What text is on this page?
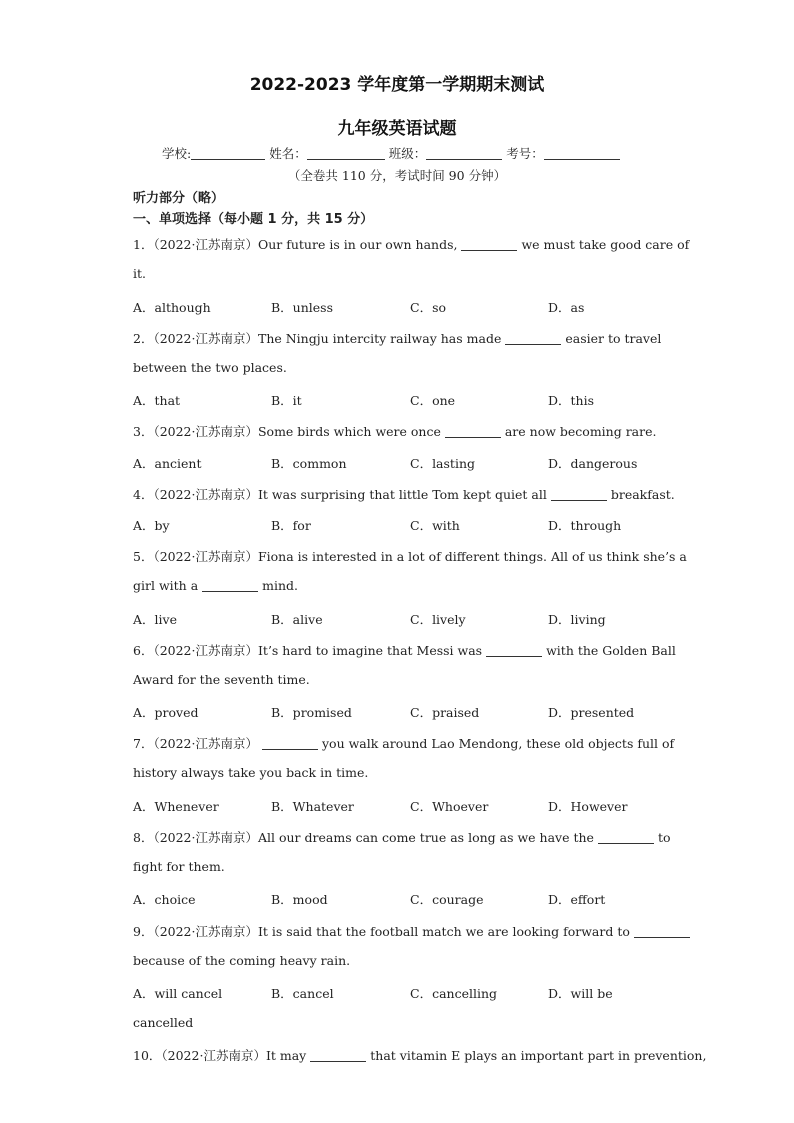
2022-2023 学年度第一学期期末测试
九年级英语试题
学校:	姓名：	班级：	考号：
（全卷共 110 分，考试时间 90 分钟）
听力部分（略）
一、单项选择（每小题 1 分，共 15 分）
1．（2022·江苏南京）Our future is in our own hands,	we must take good care of
it.
A．although	B．unless	C．so	D．as
2．（2022·江苏南京）The Ningju intercity railway has made	easier to travel
between the two places.
A．that	B．it	C．one	D．this
3．（2022·江苏南京）Some birds which were once	are now becoming rare.
A．ancient	B．common	C．lasting	D．dangerous
4．（2022·江苏南京）It was surprising that little Tom kept quiet all	breakfast.
A．by	B．for	C．with	D．through
5．（2022·江苏南京）Fiona is interested in a lot of different things. All of us think she’s a
girl with a	mind.
A．live	B．alive	C．lively	D．living
6．（2022·江苏南京）It’s hard to imagine that Messi was	with the Golden Ball
Award for the seventh time.
A．proved	B．promised	C．praised	D．presented
7．（2022·江苏南京）	you walk around Lao Mendong, these old objects full of
history always take you back in time.
A．Whenever	B．Whatever	C．Whoever	D．However
8．（2022·江苏南京）All our dreams can come true as long as we have the	to
fight for them.
A．choice	B．mood	C．courage	D．effort
9．（2022·江苏南京）It is said that the football match we are looking forward to
because of the coming heavy rain.
A．will cancel	B．cancel	C．cancelling	D．will be
cancelled
10．（2022·江苏南京）It may	that vitamin E plays an important part in prevention,
